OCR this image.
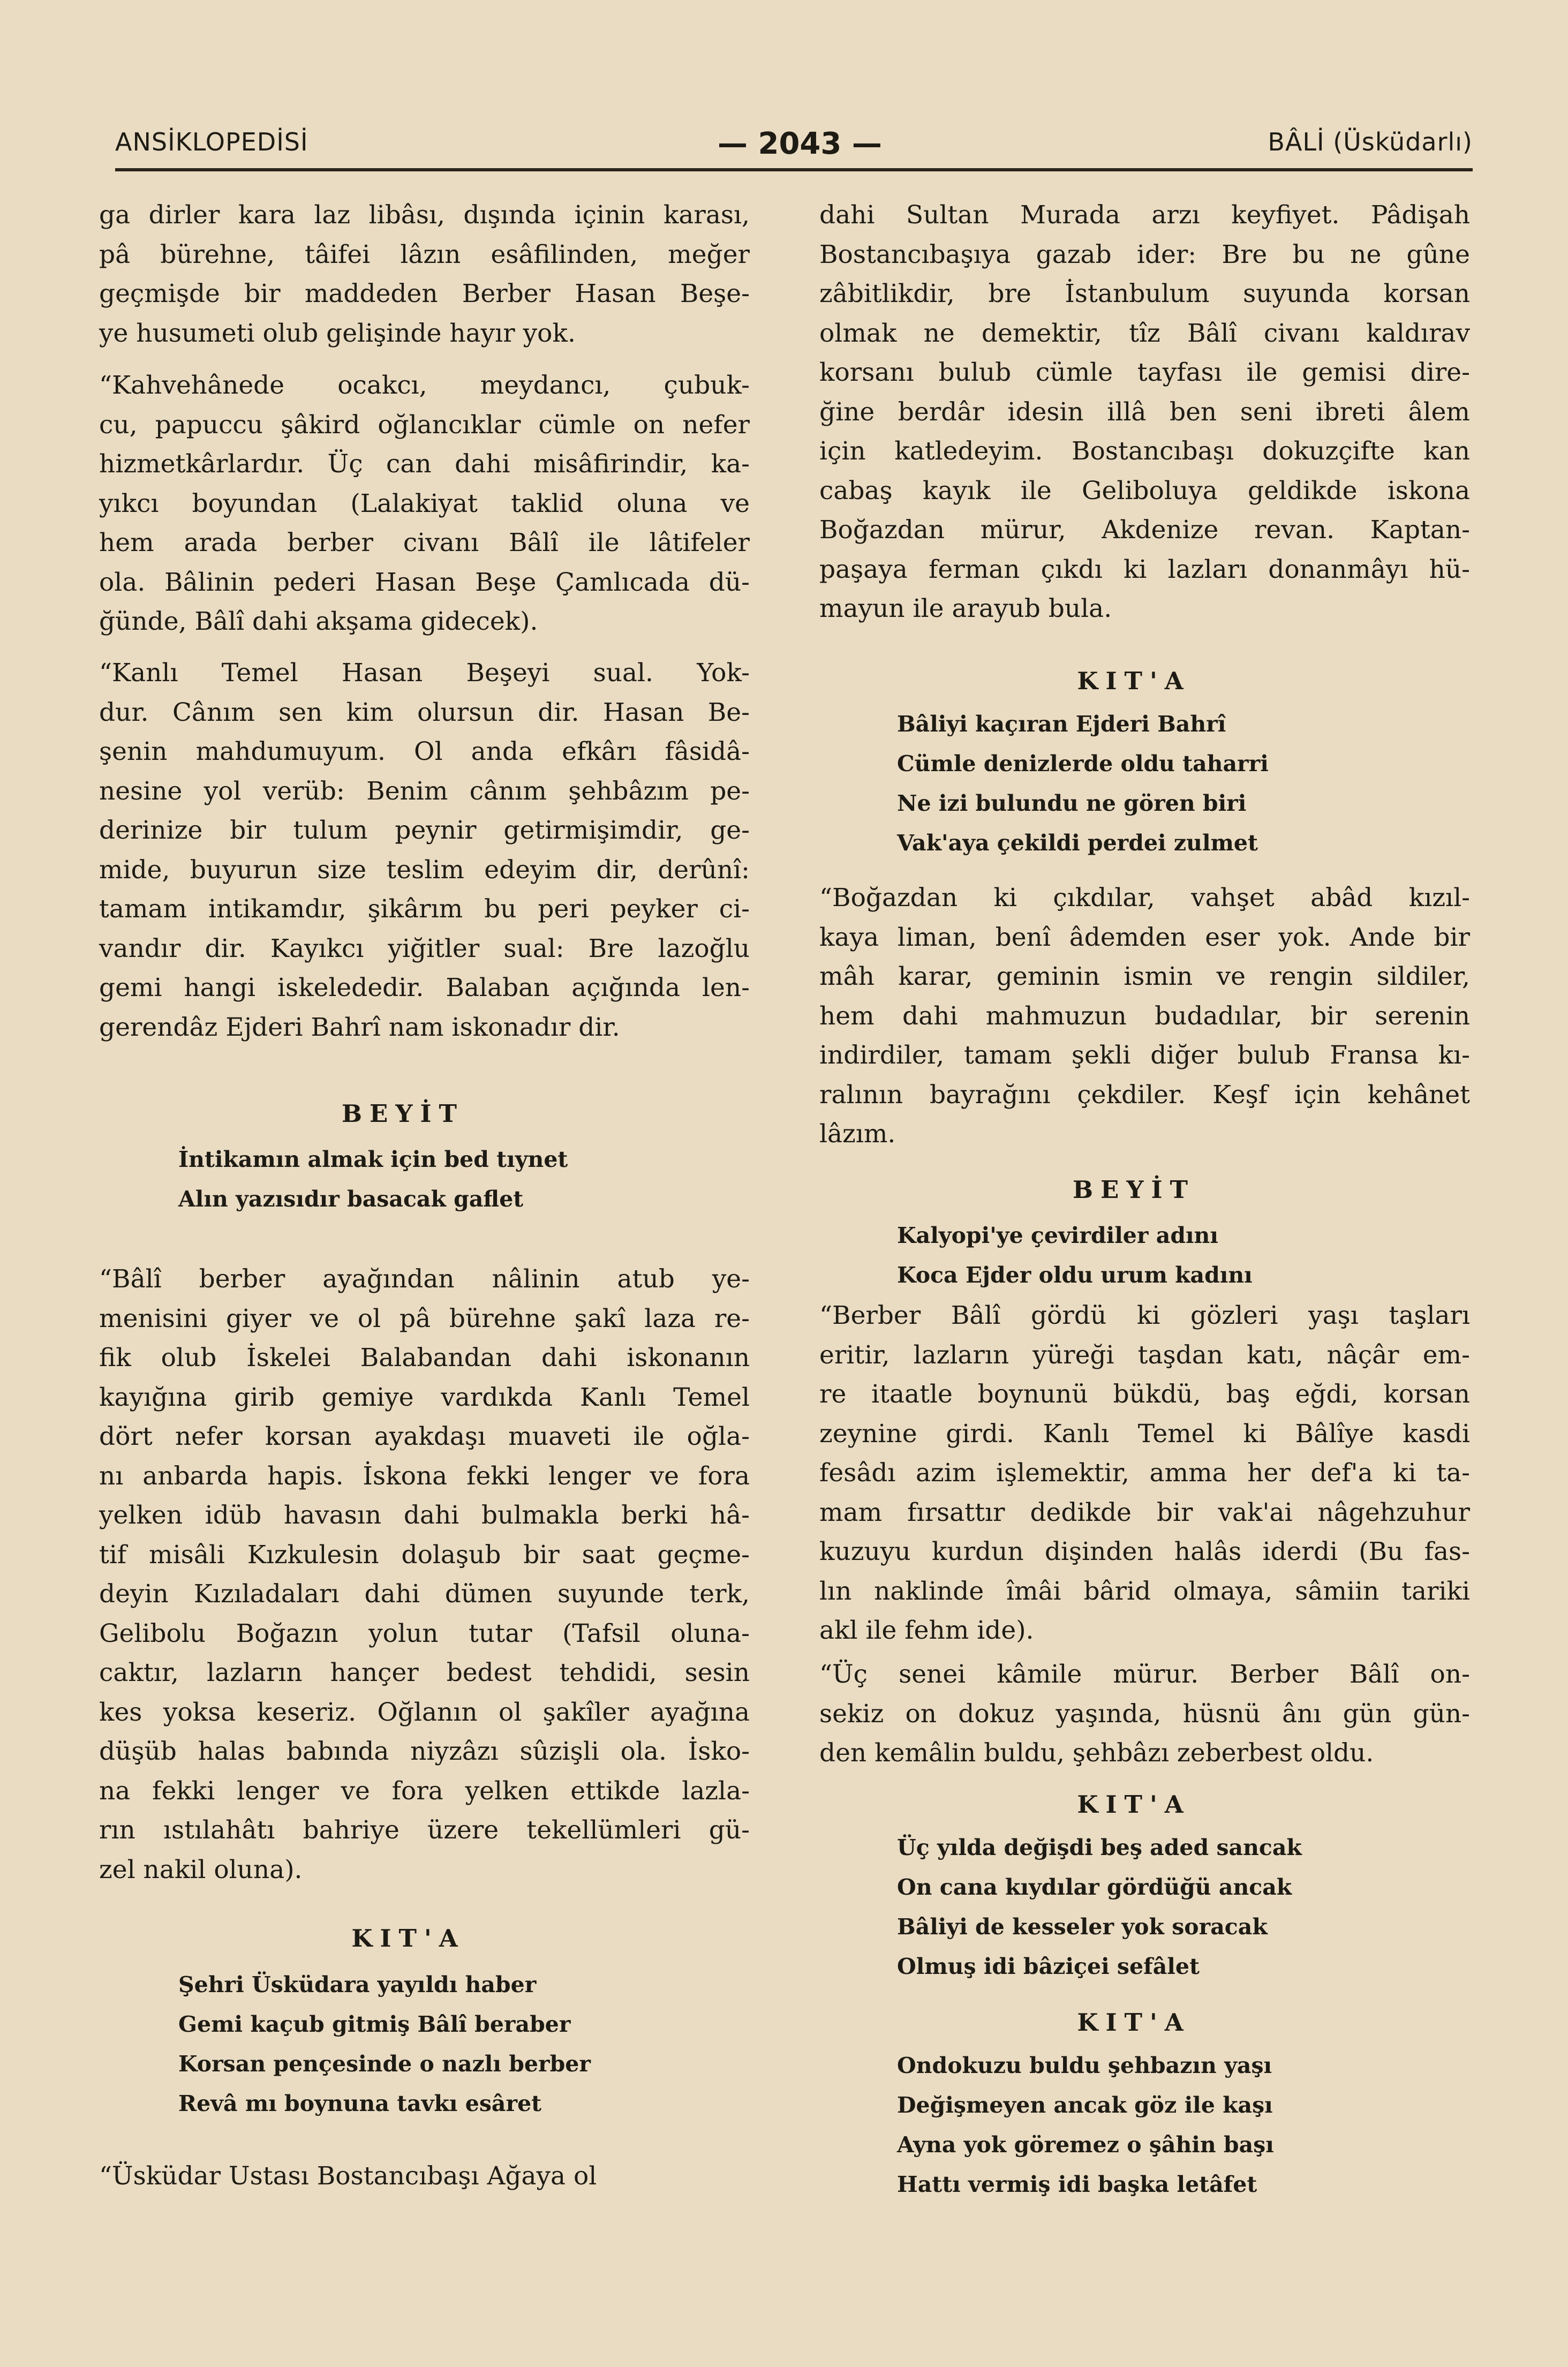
ANSİKLOPEDİSİ	— 2043 —	BÂLİ (Üsküdarlı)
ga dirler kara laz libâsı, dışında içinin karası,
pâ bürehne, tâifei lâzın esâfilinden, meğer
geçmişde bir maddeden Berber Hasan Beşe-
ye husumeti olub gelişinde hayır yok.
“Kahvehânede ocakcı, meydancı, çubuk-
cu, papuccu şâkird oğlancıklar cümle on nefer
hizmetkârlardır. Üç can dahi misâfirindir, ka-
yıkcı boyundan (Lalakiyat taklid oluna ve
hem arada berber civanı Bâlî ile lâtifeler
ola. Bâlinin pederi Hasan Beşe Çamlıcada dü-
ğünde, Bâlî dahi akşama gidecek).
“Kanlı Temel Hasan Beşeyi sual. Yok-
dur. Cânım sen kim olursun dir. Hasan Be-
şenin mahdumuyum. Ol anda efkârı fâsidâ-
nesine yol verüb: Benim cânım şehbâzım pe-
derinize bir tulum peynir getirmişimdir, ge-
mide, buyurun size teslim edeyim dir, derûnî:
tamam intikamdır, şikârım bu peri peyker ci-
vandır dir. Kayıkcı yiğitler sual: Bre lazoğlu
gemi hangi iskelededir. Balaban açığında len-
gerendâz Ejderi Bahrî nam iskonadır dir.
BEYİT
İntikamın almak için bed tıynet
Alın yazısıdır basacak gaflet
“Bâlî berber ayağından nâlinin atub ye-
menisini giyer ve ol pâ bürehne şakî laza re-
fik olub İskelei Balabandan dahi iskonanın
kayığına girib gemiye vardıkda Kanlı Temel
dört nefer korsan ayakdaşı muaveti ile oğla-
nı anbarda hapis. İskona fekki lenger ve fora
yelken idüb havasın dahi bulmakla berki hâ-
tif misâli Kızkulesin dolaşub bir saat geçme-
deyin Kızıladaları dahi dümen suyunde terk,
Gelibolu Boğazın yolun tutar (Tafsil oluna-
caktır, lazların hançer bedest tehdidi, sesin
kes yoksa keseriz. Oğlanın ol şakîler ayağına
düşüb halas babında niyzâzı sûzişli ola. İsko-
na fekki lenger ve fora yelken ettikde lazla-
rın ıstılahâtı bahriye üzere tekellümleri gü-
zel nakil oluna).
KIT'A
Şehri Üsküdara yayıldı haber
Gemi kaçub gitmiş Bâlî beraber
Korsan pençesinde o nazlı berber
Revâ mı boynuna tavkı esâret
“Üsküdar Ustası Bostancıbaşı Ağaya ol
dahi Sultan Murada arzı keyfiyet. Pâdişah
Bostancıbaşıya gazab ider: Bre bu ne gûne
zâbitlikdir, bre İstanbulum suyunda korsan
olmak ne demektir, tîz Bâlî civanı kaldırav
korsanı bulub cümle tayfası ile gemisi dire-
ğine berdâr idesin illâ ben seni ibreti âlem
için katledeyim. Bostancıbaşı dokuzçifte kan
cabaş kayık ile Geliboluya geldikde iskona
Boğazdan mürur, Akdenize revan. Kaptan-
paşaya ferman çıkdı ki lazları donanmâyı hü-
mayun ile arayub bula.
KIT'A
Bâliyi kaçıran Ejderi Bahrî
Cümle denizlerde oldu taharri
Ne izi bulundu ne gören biri
Vak'aya çekildi perdei zulmet
“Boğazdan ki çıkdılar, vahşet abâd kızıl-
kaya liman, benî âdemden eser yok. Ande bir
mâh karar, geminin ismin ve rengin sildiler,
hem dahi mahmuzun budadılar, bir serenin
indirdiler, tamam şekli diğer bulub Fransa kı-
ralının bayrağını çekdiler. Keşf için kehânet
lâzım.
BEYİT
Kalyopi'ye çevirdiler adını
Koca Ejder oldu urum kadını
“Berber Bâlî gördü ki gözleri yaşı taşları
eritir, lazların yüreği taşdan katı, nâçâr em-
re itaatle boynunü bükdü, baş eğdi, korsan
zeynine girdi. Kanlı Temel ki Bâlîye kasdi
fesâdı azim işlemektir, amma her def'a ki ta-
mam fırsattır dedikde bir vak'ai nâgehzuhur
kuzuyu kurdun dişinden halâs iderdi (Bu fas-
lın naklinde îmâi bârid olmaya, sâmiin tariki
akl ile fehm ide).
“Üç senei kâmile mürur. Berber Bâlî on-
sekiz on dokuz yaşında, hüsnü ânı gün gün-
den kemâlin buldu, şehbâzı zeberbest oldu.
KIT'A
Üç yılda değişdi beş aded sancak
On cana kıydılar gördüğü ancak
Bâliyi de kesseler yok soracak
Olmuş idi bâziçei sefâlet
KIT'A
Ondokuzu buldu şehbazın yaşı
Değişmeyen ancak göz ile kaşı
Ayna yok göremez o şâhin başı
Hattı vermiş idi başka letâfet
